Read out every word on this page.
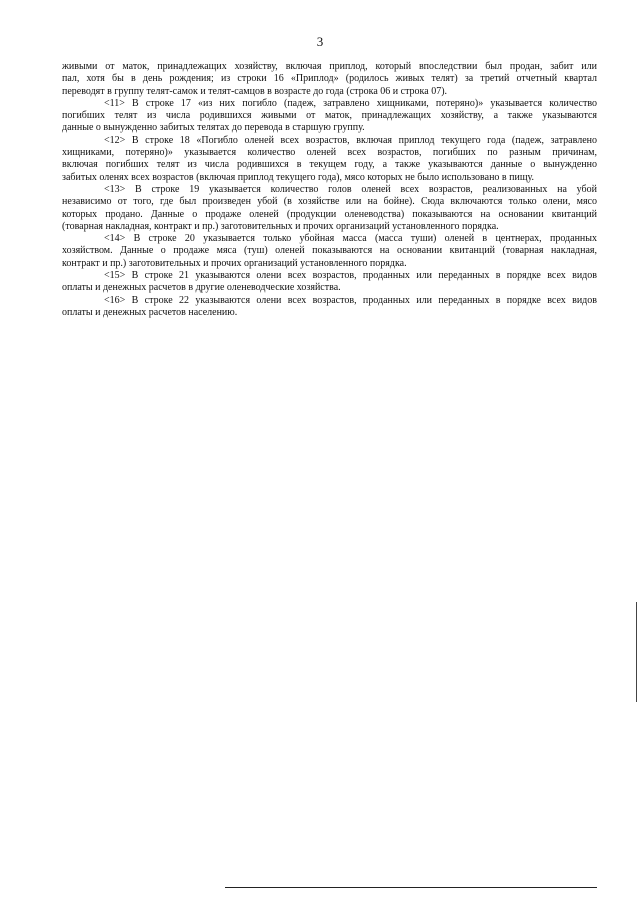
3
живыми от маток, принадлежащих хозяйству, включая приплод, который впоследствии был продан, забит или
пал, хотя бы в день рождения; из строки 16 «Приплод» (родилось живых телят) за третий отчетный квартал
переводят в группу телят-самок и телят-самцов в возрасте до года (строка 06 и строка 07).
<11> В строке 17 «из них погибло (падеж, затравлено хищниками, потеряно)» указывается количество
погибших телят из числа родившихся живыми от маток, принадлежащих хозяйству, а также указываются
данные о вынужденно забитых телятах до перевода в старшую группу.
<12> В строке 18 «Погибло оленей всех возрастов, включая приплод текущего года (падеж, затравлено
хищниками, потеряно)» указывается количество оленей всех возрастов, погибших по разным причинам,
включая погибших телят из числа родившихся в текущем году, а также указываются данные о вынужденно
забитых оленях всех возрастов (включая приплод текущего года), мясо которых не было использовано в пищу.
<13> В строке 19 указывается количество голов оленей всех возрастов, реализованных на убой
независимо от того, где был произведен убой (в хозяйстве или на бойне). Сюда включаются только олени, мясо
которых продано. Данные о продаже оленей (продукции оленеводства) показываются на основании квитанций
(товарная накладная, контракт и пр.) заготовительных и прочих организаций установленного порядка.
<14> В строке 20 указывается только убойная масса (масса туши) оленей в центнерах, проданных
хозяйством. Данные о продаже мяса (туш) оленей показываются на основании квитанций (товарная накладная,
контракт и пр.) заготовительных и прочих организаций установленного порядка.
<15> В строке 21 указываются олени всех возрастов, проданных или переданных в порядке всех видов
оплаты и денежных расчетов в другие оленеводческие хозяйства.
<16> В строке 22 указываются олени всех возрастов, проданных или переданных в порядке всех видов
оплаты и денежных расчетов населению.
